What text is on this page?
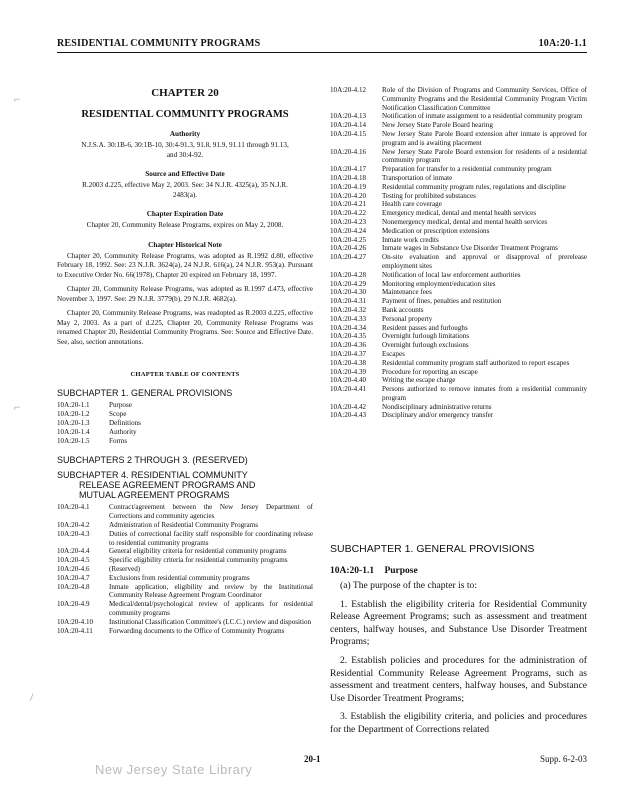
RESIDENTIAL COMMUNITY PROGRAMS	10A:20-1.1
⌐
⌐
/
CHAPTER 20
RESIDENTIAL COMMUNITY PROGRAMS
Authority
N.J.S.A. 30:1B-6, 30:1B-10, 30:4-91.3, 91.8, 91.9, 91.11 through 91.13, and 30:4-92.
Source and Effective Date
R.2003 d.225, effective May 2, 2003. See: 34 N.J.R. 4325(a), 35 N.J.R. 2483(a).
Chapter Expiration Date
Chapter 20, Community Release Programs, expires on May 2, 2008.
Chapter Historical Note
Chapter 20, Community Release Programs, was adopted as R.1992 d.80, effective February 18, 1992. See: 23 N.J.R. 3624(a), 24 N.J.R. 616(a), 24 N.J.R. 953(a). Pursuant to Executive Order No. 66(1978), Chapter 20 expired on February 18, 1997.
Chapter 20, Community Release Programs, was adopted as R.1997 d.473, effective November 3, 1997. See: 29 N.J.R. 3779(b), 29 N.J.R. 4682(a).
Chapter 20, Community Release Programs, was readopted as R.2003 d.225, effective May 2, 2003. As a part of d.225, Chapter 20, Community Release Programs was renamed Chapter 20, Residential Community Programs. See: Source and Effective Date. See, also, section annotations.
CHAPTER TABLE OF CONTENTS
SUBCHAPTER 1. GENERAL PROVISIONS
10A:20-1.1	Purpose
10A:20-1.2	Scope
10A:20-1.3	Definitions
10A:20-1.4	Authority
10A:20-1.5	Forms
SUBCHAPTERS 2 THROUGH 3. (RESERVED)
SUBCHAPTER 4. RESIDENTIAL COMMUNITY
RELEASE AGREEMENT PROGRAMS AND
MUTUAL AGREEMENT PROGRAMS
10A:20-4.1	Contract/agreement between the New Jersey Department of Corrections and community agencies
10A:20-4.2	Administration of Residential Community Programs
10A:20-4.3	Duties of correctional facility staff responsible for coordinating release to residential community programs
10A:20-4.4	General eligibility criteria for residential community programs
10A:20-4.5	Specific eligibility criteria for residential community programs
10A:20-4.6	(Reserved)
10A:20-4.7	Exclusions from residential community programs
10A:20-4.8	Inmate application, eligibility and review by the Institutional Community Release Agreement Program Coordinator
10A:20-4.9	Medical/dental/psychological review of applicants for residential community programs
10A:20-4.10	Institutional Classification Committee's (I.C.C.) review and disposition
10A:20-4.11	Forwarding documents to the Office of Community Programs
10A:20-4.12	Role of the Division of Programs and Community Services, Office of Community Programs and the Residential Community Program Victim Notification Classification Committee
10A:20-4.13	Notification of inmate assignment to a residential community program
10A:20-4.14	New Jersey State Parole Board hearing
10A:20-4.15	New Jersey State Parole Board extension after inmate is approved for program and is awaiting placement
10A:20-4.16	New Jersey State Parole Board extension for residents of a residential community program
10A:20-4.17	Preparation for transfer to a residential community program
10A:20-4.18	Transportation of inmate
10A:20-4.19	Residential community program rules, regulations and discipline
10A:20-4.20	Testing for prohibited substances
10A:20-4.21	Health care coverage
10A:20-4.22	Emergency medical, dental and mental health services
10A:20-4.23	Nonemergency medical, dental and mental health services
10A:20-4.24	Medication or prescription extensions
10A:20-4.25	Inmate work credits
10A:20-4.26	Inmate wages in Substance Use Disorder Treatment Programs
10A:20-4.27	On-site evaluation and approval or disapproval of prerelease employment sites
10A:20-4.28	Notification of local law enforcement authorities
10A:20-4.29	Monitoring employment/education sites
10A:20-4.30	Maintenance fees
10A:20-4.31	Payment of fines, penalties and restitution
10A:20-4.32	Bank accounts
10A:20-4.33	Personal property
10A:20-4.34	Resident passes and furloughs
10A:20-4.35	Overnight furlough limitations
10A:20-4.36	Overnight furlough exclusions
10A:20-4.37	Escapes
10A:20-4.38	Residential community program staff authorized to report escapes
10A:20-4.39	Procedure for reporting an escape
10A:20-4.40	Writing the escape charge
10A:20-4.41	Persons authorized to remove inmates from a residential community program
10A:20-4.42	Nondisciplinary administrative returns
10A:20-4.43	Disciplinary and/or emergency transfer
SUBCHAPTER 1. GENERAL PROVISIONS
10A:20-1.1 Purpose

(a) The purpose of the chapter is to:

1. Establish the eligibility criteria for Residential Community Release Agreement Programs; such as assessment and treatment centers, halfway houses, and Substance Use Disorder Treatment Programs;

2. Establish policies and procedures for the administration of Residential Community Release Agreement Programs, such as assessment and treatment centers, halfway houses, and Substance Use Disorder Treatment Programs;

3. Establish the eligibility criteria, and policies and procedures for the Department of Corrections related

20-1	Supp. 6-2-03
New Jersey State Library
